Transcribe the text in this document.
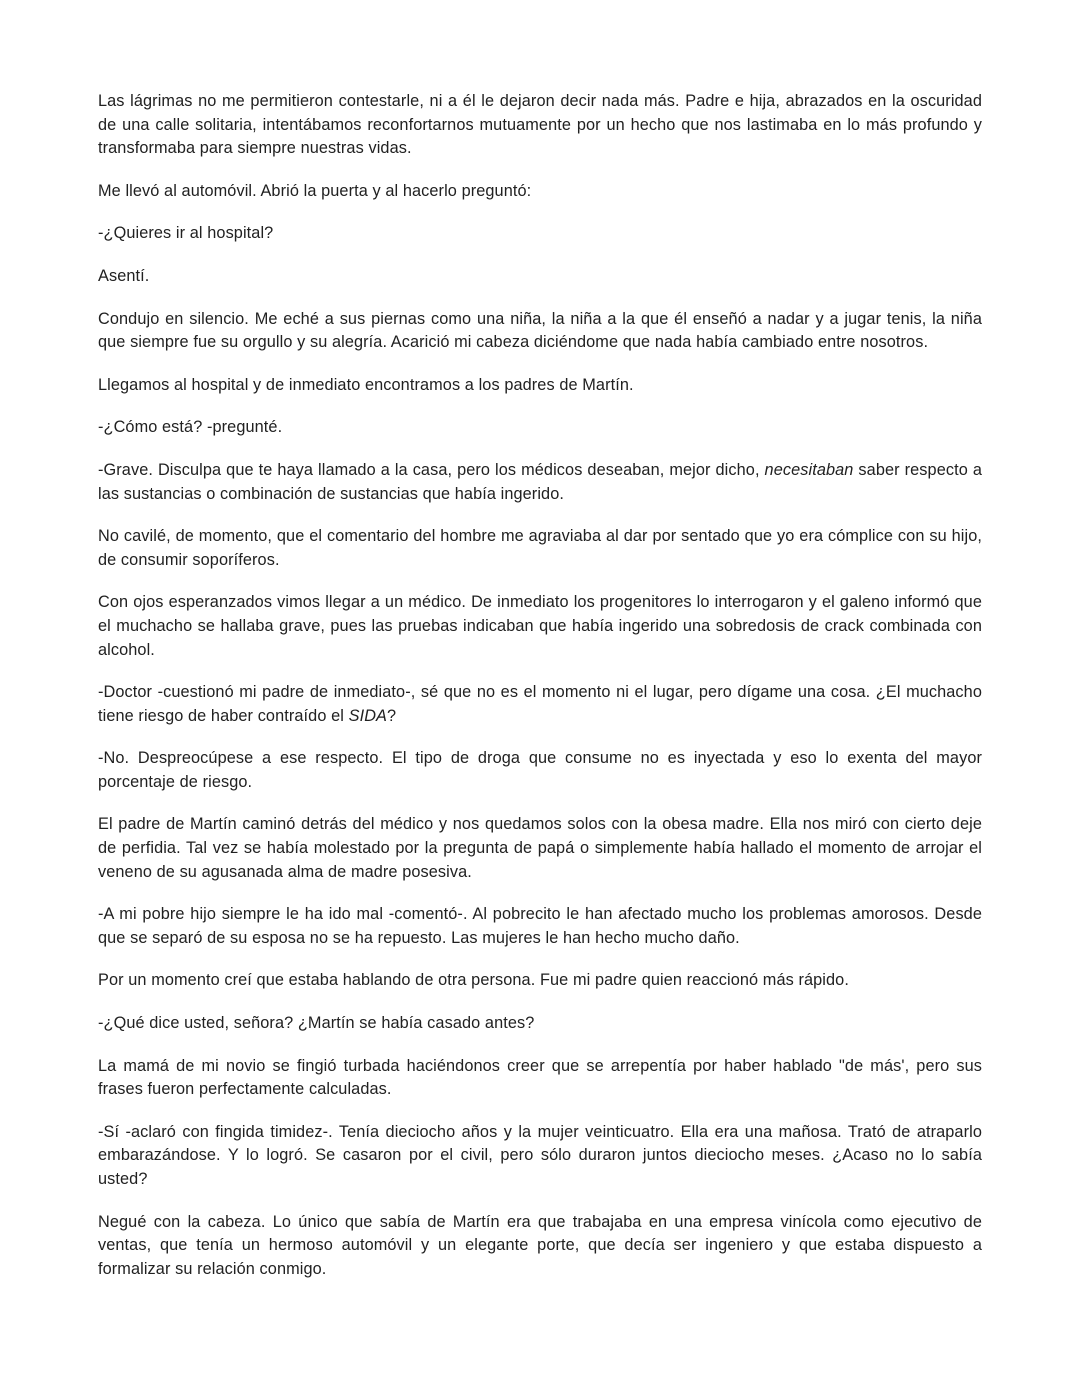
Las lágrimas no me permitieron contestarle, ni a él le dejaron decir nada más. Padre e hija, abrazados en la oscuridad de una calle solitaria, intentábamos reconfortarnos mutuamente por un hecho que nos lastimaba en lo más profundo y transformaba para siempre nuestras vidas.

Me llevó al automóvil. Abrió la puerta y al hacerlo preguntó:

-¿Quieres ir al hospital?

Asentí.

Condujo en silencio. Me eché a sus piernas como una niña, la niña a la que él enseñó a nadar y a jugar tenis, la niña que siempre fue su orgullo y su alegría. Acarició mi cabeza diciéndome que nada había cambiado entre nosotros.

Llegamos al hospital y de inmediato encontramos a los padres de Martín.

-¿Cómo está? -pregunté.

-Grave. Disculpa que te haya llamado a la casa, pero los médicos deseaban, mejor dicho, necesitaban saber respecto a las sustancias o combinación de sustancias que había ingerido.

No cavilé, de momento, que el comentario del hombre me agraviaba al dar por sentado que yo era cómplice con su hijo, de consumir soporíferos.

Con ojos esperanzados vimos llegar a un médico. De inmediato los progenitores lo interrogaron y el galeno informó que el muchacho se hallaba grave, pues las pruebas indicaban que había ingerido una sobredosis de crack combinada con alcohol.

-Doctor -cuestionó mi padre de inmediato-, sé que no es el momento ni el lugar, pero dígame una cosa. ¿El muchacho tiene riesgo de haber contraído el SIDA?

-No. Despreocúpese a ese respecto. El tipo de droga que consume no es inyectada y eso lo exenta del mayor porcentaje de riesgo.

El padre de Martín caminó detrás del médico y nos quedamos solos con la obesa madre. Ella nos miró con cierto deje de perfidia. Tal vez se había molestado por la pregunta de papá o simplemente había hallado el momento de arrojar el veneno de su agusanada alma de madre posesiva.

-A mi pobre hijo siempre le ha ido mal -comentó-. Al pobrecito le han afectado mucho los problemas amorosos. Desde que se separó de su esposa no se ha repuesto. Las mujeres le han hecho mucho daño.

Por un momento creí que estaba hablando de otra persona. Fue mi padre quien reaccionó más rápido.

-¿Qué dice usted, señora? ¿Martín se había casado antes?

La mamá de mi novio se fingió turbada haciéndonos creer que se arrepentía por haber hablado "de más', pero sus frases fueron perfectamente calculadas.

-Sí -aclaró con fingida timidez-. Tenía dieciocho años y la mujer veinticuatro. Ella era una mañosa. Trató de atraparlo embarazándose. Y lo logró. Se casaron por el civil, pero sólo duraron juntos dieciocho meses. ¿Acaso no lo sabía usted?

Negué con la cabeza. Lo único que sabía de Martín era que trabajaba en una empresa vinícola como ejecutivo de ventas, que tenía un hermoso automóvil y un elegante porte, que decía ser ingeniero y que estaba dispuesto a formalizar su relación conmigo.
